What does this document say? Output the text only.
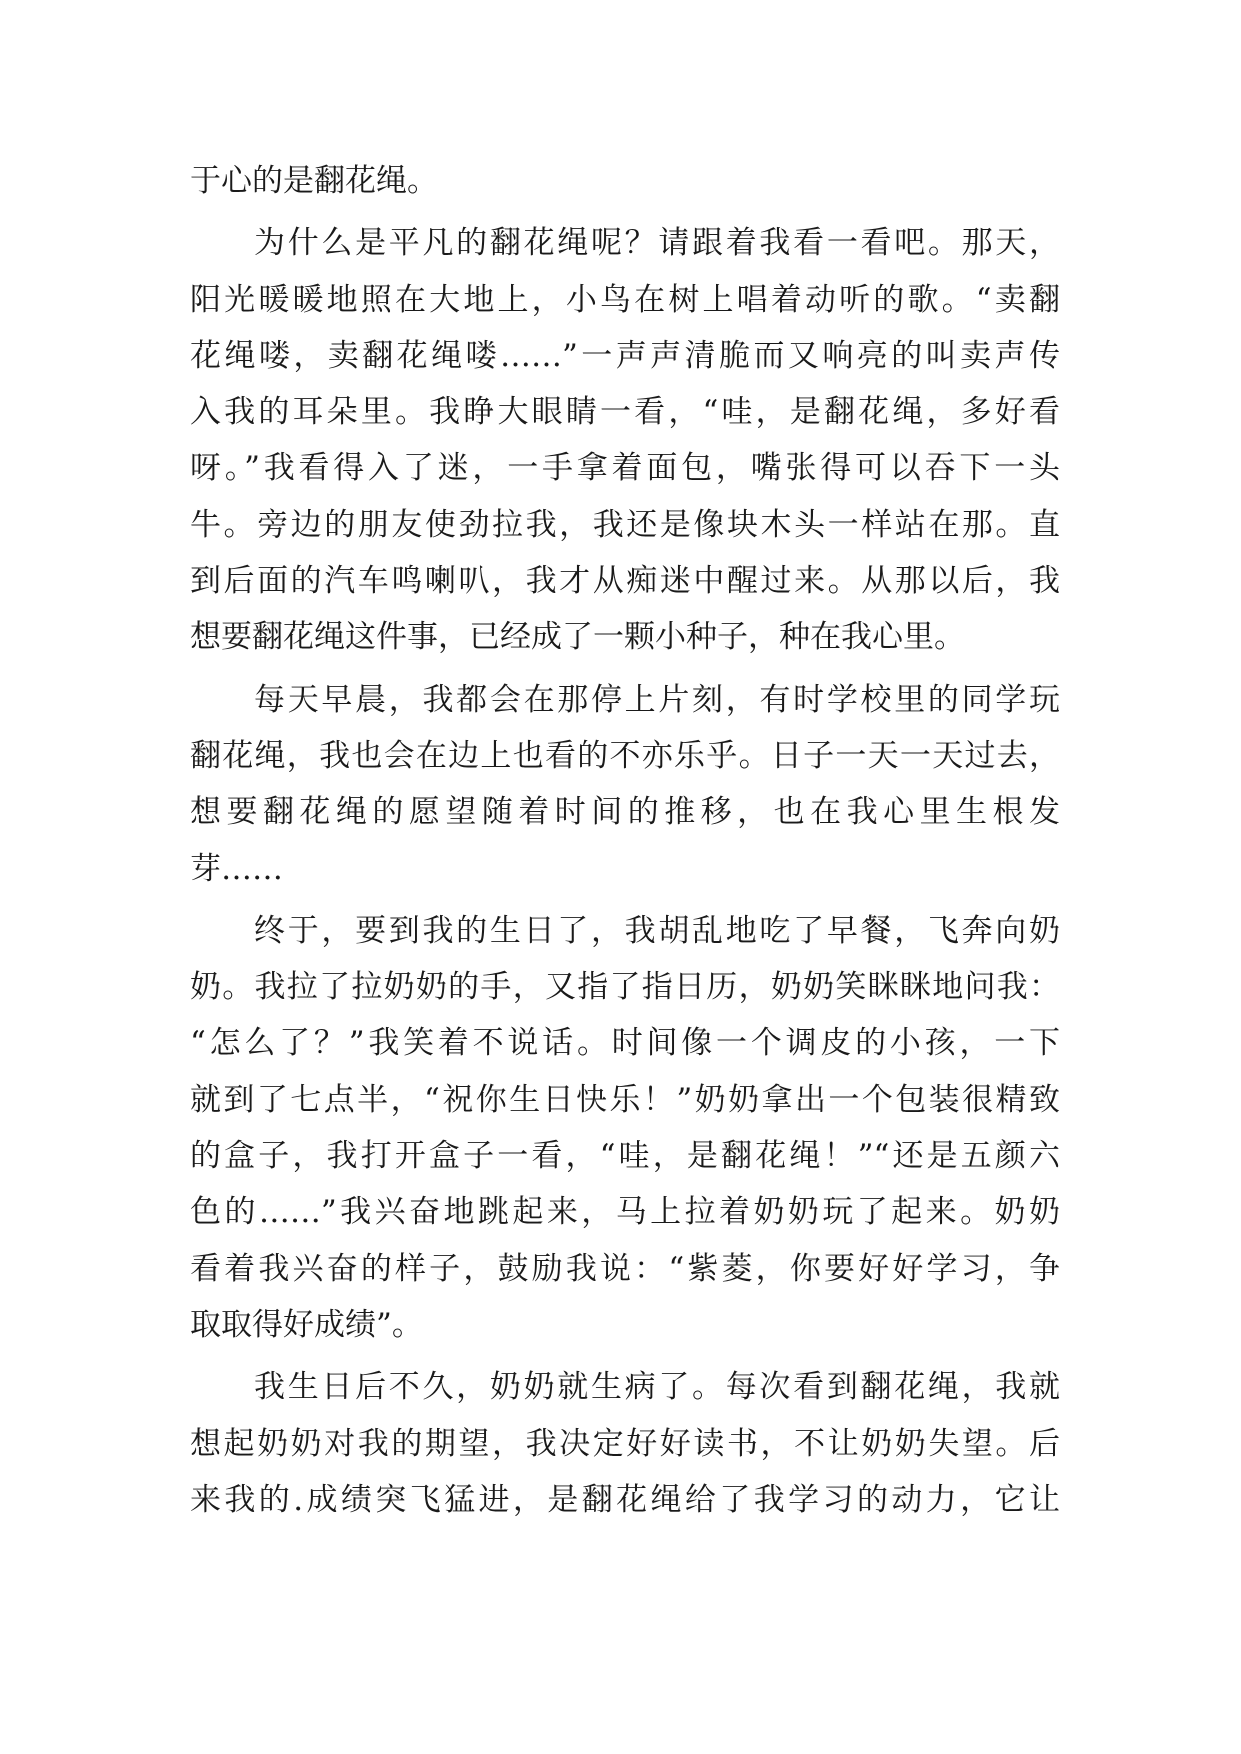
于心的是翻花绳。
为什么是平凡的翻花绳呢？请跟着我看一看吧。那天，
阳光暖暖地照在大地上，小鸟在树上唱着动听的歌。“卖翻
花绳喽，卖翻花绳喽……”一声声清脆而又响亮的叫卖声传
入我的耳朵里。我睁大眼睛一看，“哇，是翻花绳，多好看
呀。”我看得入了迷，一手拿着面包，嘴张得可以吞下一头
牛。旁边的朋友使劲拉我，我还是像块木头一样站在那。直
到后面的汽车鸣喇叭，我才从痴迷中醒过来。从那以后，我
想要翻花绳这件事，已经成了一颗小种子，种在我心里。
每天早晨，我都会在那停上片刻，有时学校里的同学玩
翻花绳，我也会在边上也看的不亦乐乎。日子一天一天过去，
想要翻花绳的愿望随着时间的推移，也在我心里生根发
芽……
终于，要到我的生日了，我胡乱地吃了早餐，飞奔向奶
奶。我拉了拉奶奶的手，又指了指日历，奶奶笑眯眯地问我：
“怎么了？”我笑着不说话。时间像一个调皮的小孩，一下
就到了七点半，“祝你生日快乐！”奶奶拿出一个包装很精致
的盒子，我打开盒子一看，“哇，是翻花绳！”“还是五颜六
色的……”我兴奋地跳起来，马上拉着奶奶玩了起来。奶奶
看着我兴奋的样子，鼓励我说：“紫菱，你要好好学习，争
取取得好成绩”。
我生日后不久，奶奶就生病了。每次看到翻花绳，我就
想起奶奶对我的期望，我决定好好读书，不让奶奶失望。后
来我的.成绩突飞猛进，是翻花绳给了我学习的动力，它让
